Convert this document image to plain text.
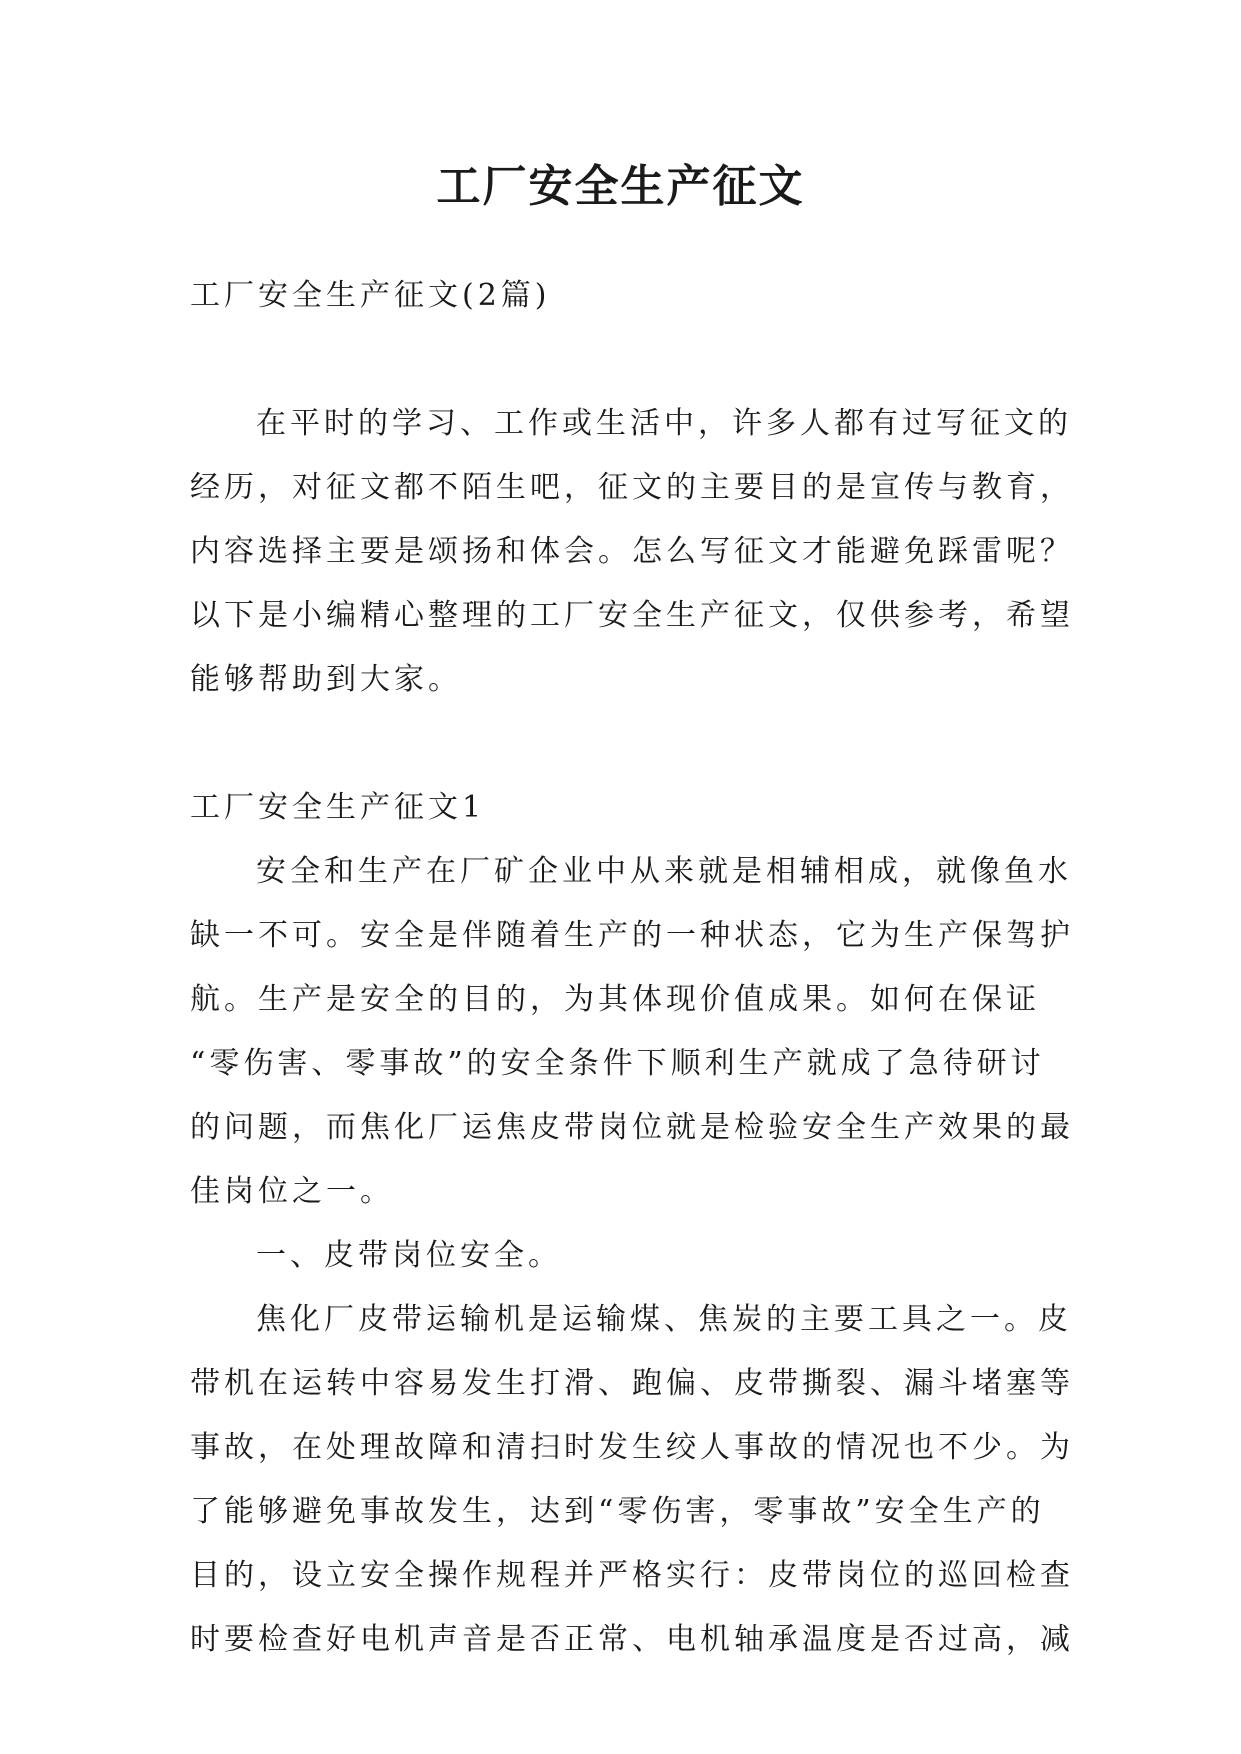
工厂安全生产征文
工厂安全生产征文(2篇)
在平时的学习、工作或生活中，许多人都有过写征文的
经历，对征文都不陌生吧，征文的主要目的是宣传与教育，
内容选择主要是颂扬和体会。怎么写征文才能避免踩雷呢？
以下是小编精心整理的工厂安全生产征文，仅供参考，希望
能够帮助到大家。
工厂安全生产征文1
安全和生产在厂矿企业中从来就是相辅相成，就像鱼水
缺一不可。安全是伴随着生产的一种状态，它为生产保驾护
航。生产是安全的目的，为其体现价值成果。如何在保证
“零伤害、零事故”的安全条件下顺利生产就成了急待研讨
的问题，而焦化厂运焦皮带岗位就是检验安全生产效果的最
佳岗位之一。
一、皮带岗位安全。
焦化厂皮带运输机是运输煤、焦炭的主要工具之一。皮
带机在运转中容易发生打滑、跑偏、皮带撕裂、漏斗堵塞等
事故，在处理故障和清扫时发生绞人事故的情况也不少。为
了能够避免事故发生，达到“零伤害，零事故”安全生产的
目的，设立安全操作规程并严格实行：皮带岗位的巡回检查
时要检查好电机声音是否正常、电机轴承温度是否过高，减
